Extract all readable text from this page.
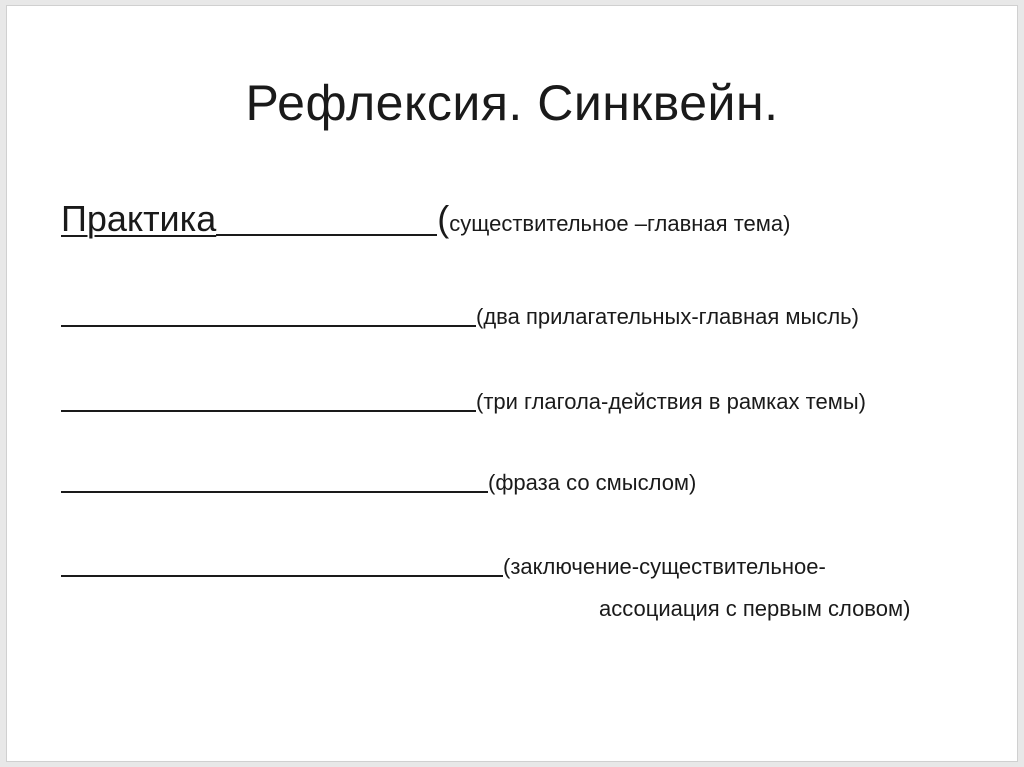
Рефлексия. Синквейн.
Практика	(существительное –главная тема)
(два прилагательных-главная мысль)
(три глагола-действия в рамках темы)
(фраза со смыслом)
(заключение-существительное-
ассоциация с первым словом)
